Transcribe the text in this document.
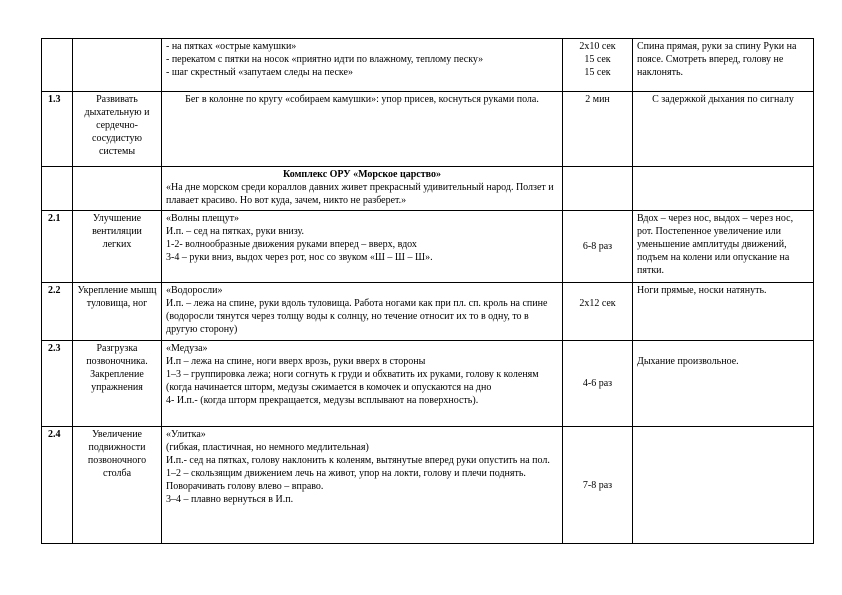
		- на пятках «острые камушки»
- перекатом с пятки на носок «приятно идти по влажному, теплому песку»
- шаг скрестный «запутаем следы на песке»	2х10 сек
15 сек
15 сек	Спина прямая, руки за спину Руки на поясе. Смотреть вперед, голову не наклонять.
1.3	Развивать дыхательную и сердечно-сосудистую системы	Бег в колонне по кругу «собираем камушки»: упор присев, коснуться руками пола.	2 мин	С задержкой дыхания по сигналу

		Комплекс ОРУ «Морское царство»
«На дне морском среди кораллов давних живет прекрасный удивительный народ. Ползет и плавает красиво. Но вот куда, зачем, никто не разберет.»		

2.1	Улучшение вентиляции легких	«Волны плещут»
И.п. – сед на пятках, руки внизу.
1-2- волнообразные движения руками вперед – вверх, вдох
3-4 – руки вниз, выдох через рот, нос со звуком «Ш – Ш – Ш».	6-8 раз	Вдох – через нос, выдох – через нос, рот. Постепенное увеличение или уменьшение амплитуды движений, подъем на колени или опускание на пятки.
2.2	Укрепление мышц туловища, ног	«Водоросли»
И.п. – лежа на спине, руки вдоль туловища. Работа ногами как при пл. сп. кроль на спине (водоросли тянутся через толщу воды к солнцу, но течение относит их то в одну, то в другую сторону)	2х12 сек	Ноги прямые, носки натянуть.
2.3	Разгрузка позвоночника. Закрепление упражнения	«Медуза»
И.п – лежа на спине, ноги вверх врозь, руки вверх в стороны
1–3 – группировка лежа; ноги согнуть к груди и обхватить их руками, голову к коленям (когда начинается шторм, медузы сжимается в комочек и опускаются на дно
4- И.п.- (когда шторм прекращается, медузы всплывают на поверхность).	4-6 раз	Дыхание произвольное.
2.4	Увеличение подвижности позвоночного столба	«Улитка»
(гибкая, пластичная, но немного медлительная)
И.п.- сед на пятках, голову наклонить к коленям, вытянутые вперед руки опустить на пол.
1–2 – скользящим движением лечь на живот, упор на локти, голову и плечи поднять. Поворачивать голову влево – вправо.
3–4 – плавно вернуться в И.п.	7-8 раз	
